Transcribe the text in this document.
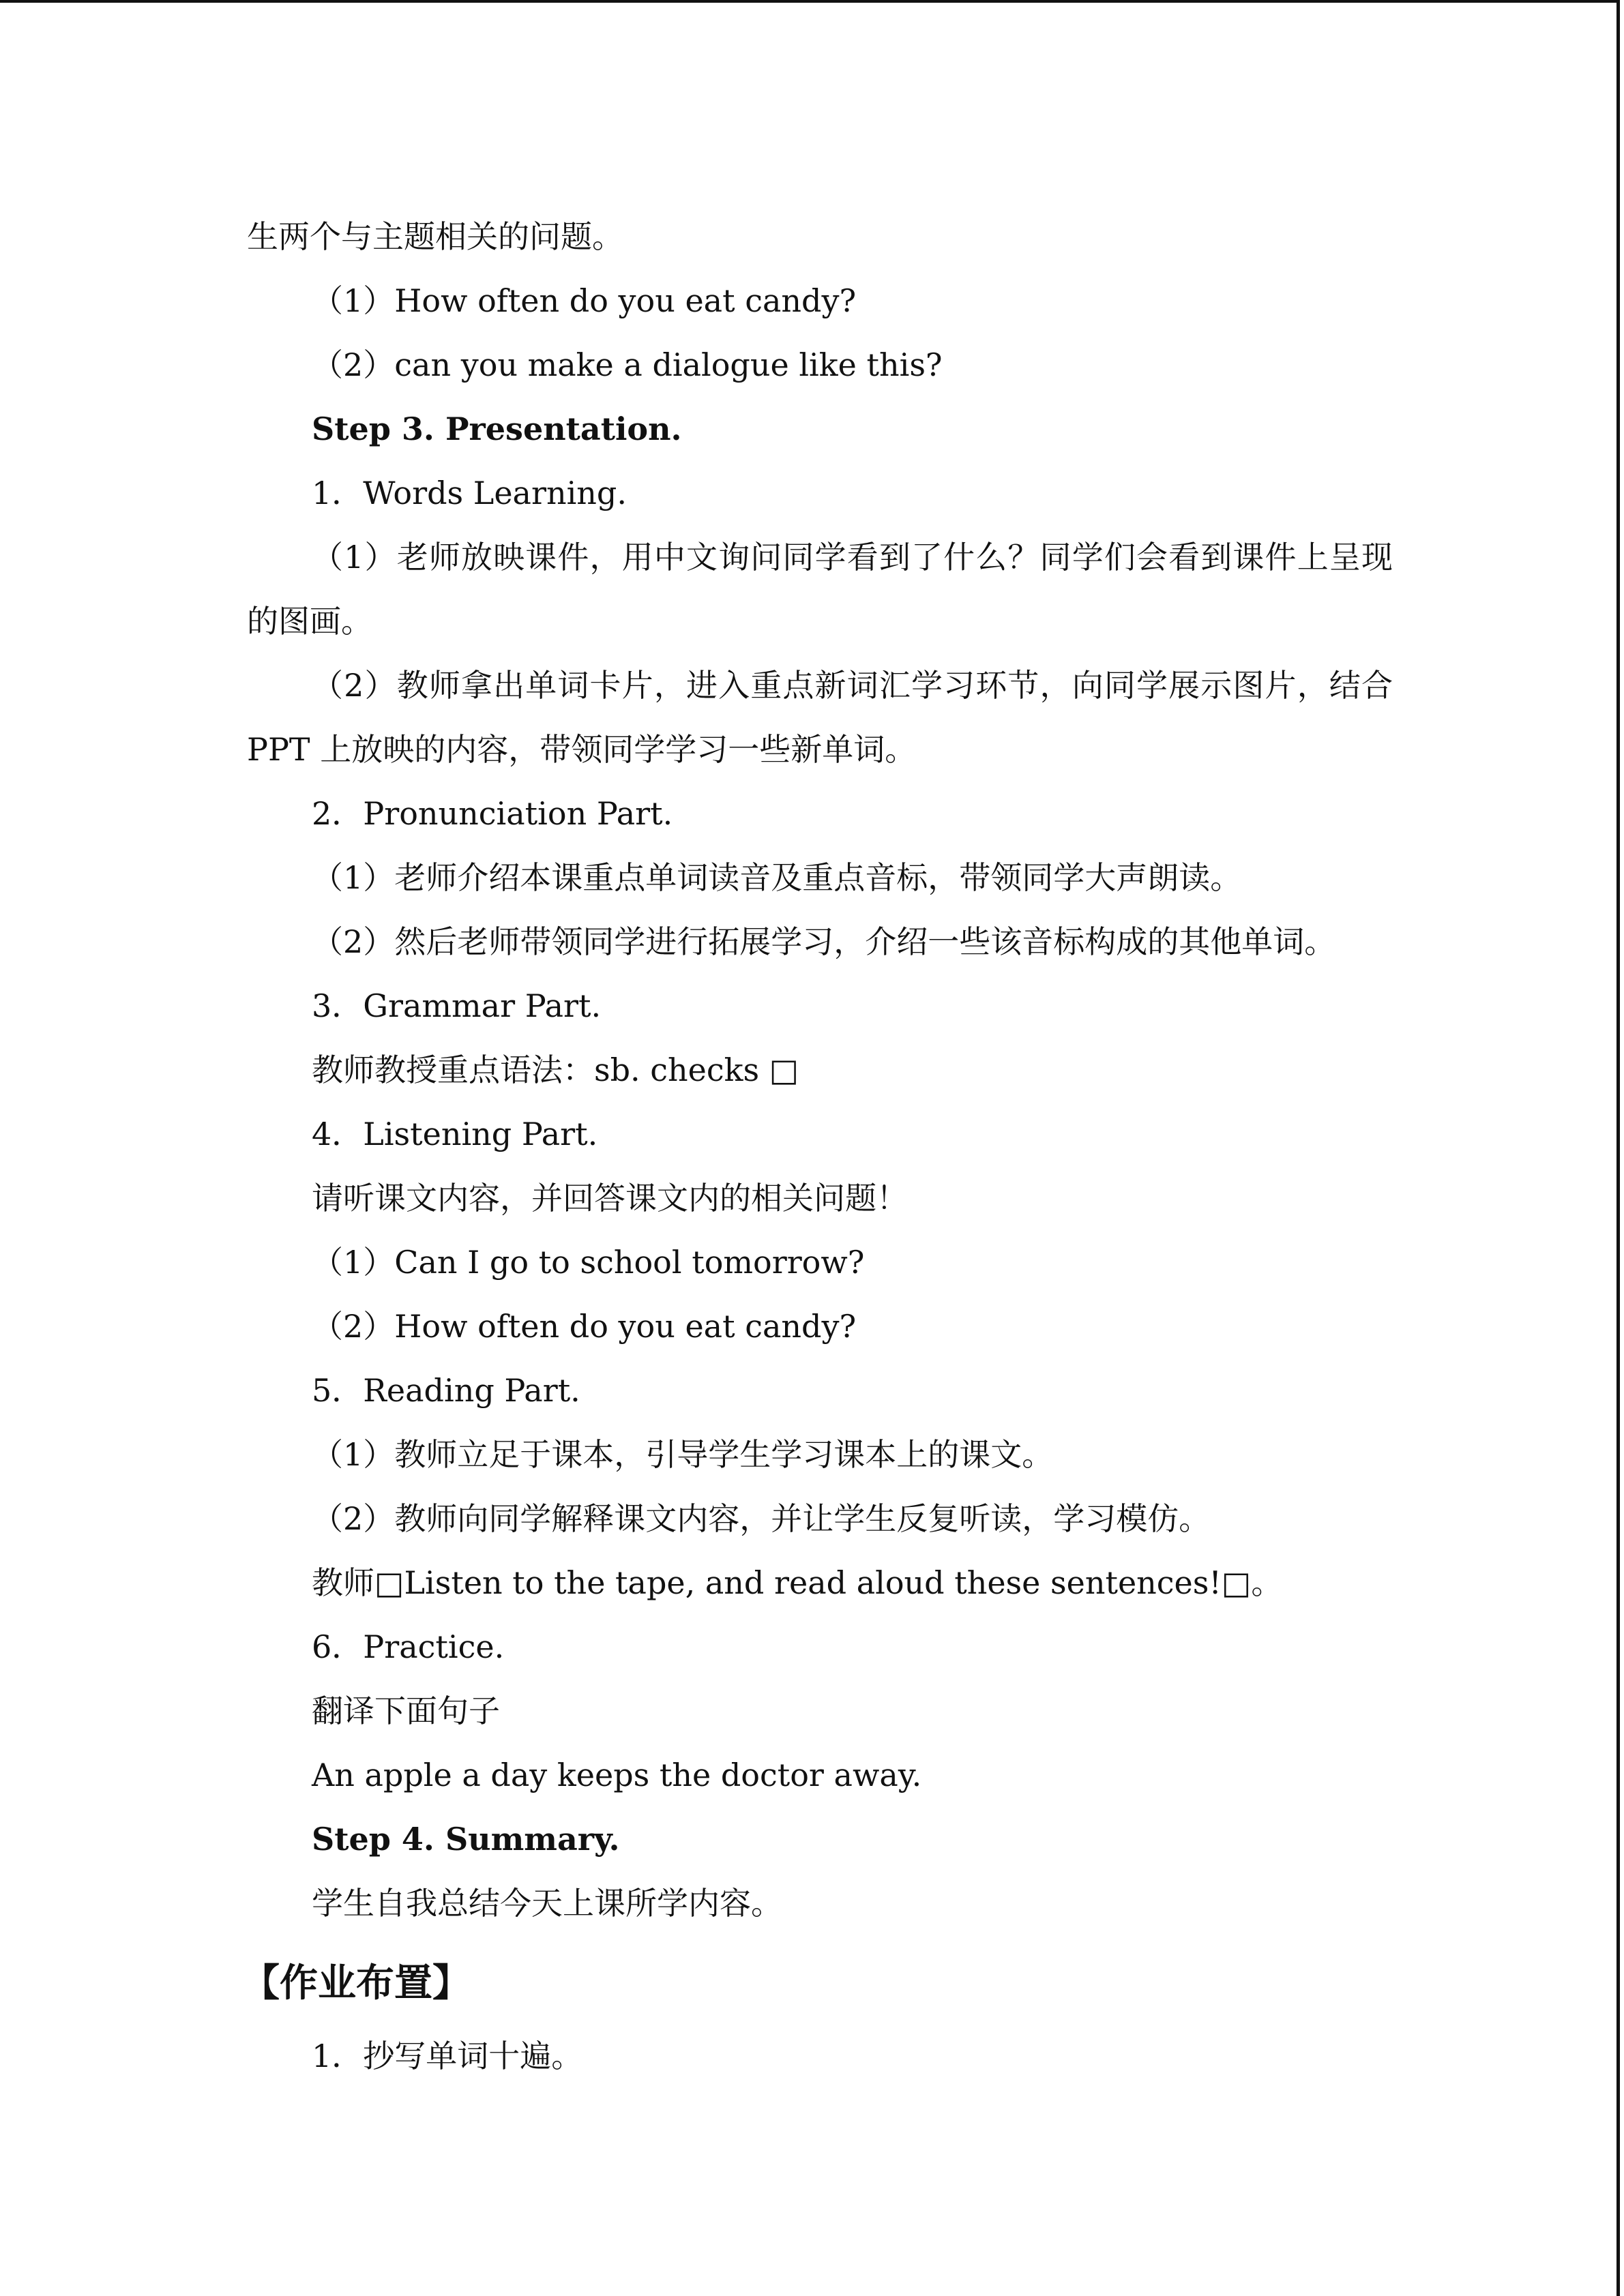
生两个与主题相关的问题。
（1）How often do you eat candy?
（2）can you make a dialogue like this?
Step 3. Presentation.
1．Words Learning.
（1）老师放映课件，用中文询问同学看到了什么？同学们会看到课件上呈现的图画。
（2）教师拿出单词卡片，进入重点新词汇学习环节，向同学展示图片，结合 PPT 上放映的内容，带领同学学习一些新单词。
2．Pronunciation Part.
（1）老师介绍本课重点单词读音及重点音标，带领同学大声朗读。
（2）然后老师带领同学进行拓展学习，介绍一些该音标构成的其他单词。
3．Grammar Part.
教师教授重点语法：sb. checks □
4．Listening Part.
请听课文内容，并回答课文内的相关问题！
（1）Can I go to school tomorrow?
（2）How often do you eat candy?
5．Reading Part.
（1）教师立足于课本，引导学生学习课本上的课文。
（2）教师向同学解释课文内容，并让学生反复听读，学习模仿。
教师□Listen to the tape, and read aloud these sentences!□。
6．Practice.
翻译下面句子
An apple a day keeps the doctor away.
Step 4. Summary.
学生自我总结今天上课所学内容。
【作业布置】
1．抄写单词十遍。
